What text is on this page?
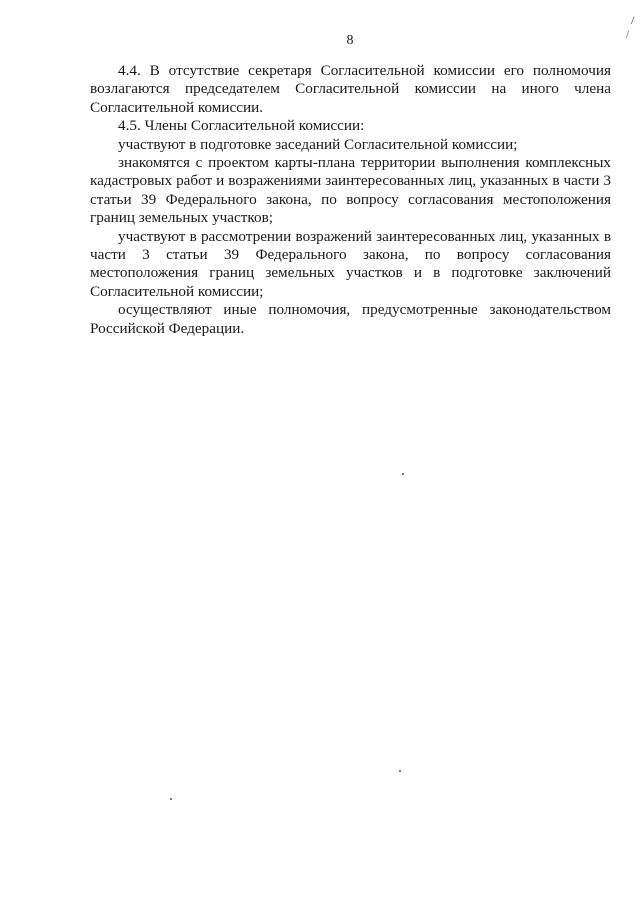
/
/
8

4.4. В отсутствие секретаря Согласительной комиссии его полномочия возлагаются председателем Согласительной комиссии на иного члена Согласительной комиссии.

4.5. Члены Согласительной комиссии:

участвуют в подготовке заседаний Согласительной комиссии;

знакомятся с проектом карты-плана территории выполнения комплексных кадастровых работ и возражениями заинтересованных лиц, указанных в части 3 статьи 39 Федерального закона, по вопросу согласования местоположения границ земельных участков;

участвуют в рассмотрении возражений заинтересованных лиц, указанных в части 3 статьи 39 Федерального закона, по вопросу согласования местоположения границ земельных участков и в подготовке заключений Согласительной комиссии;

осуществляют иные полномочия, предусмотренные законодательством Российской Федерации.
